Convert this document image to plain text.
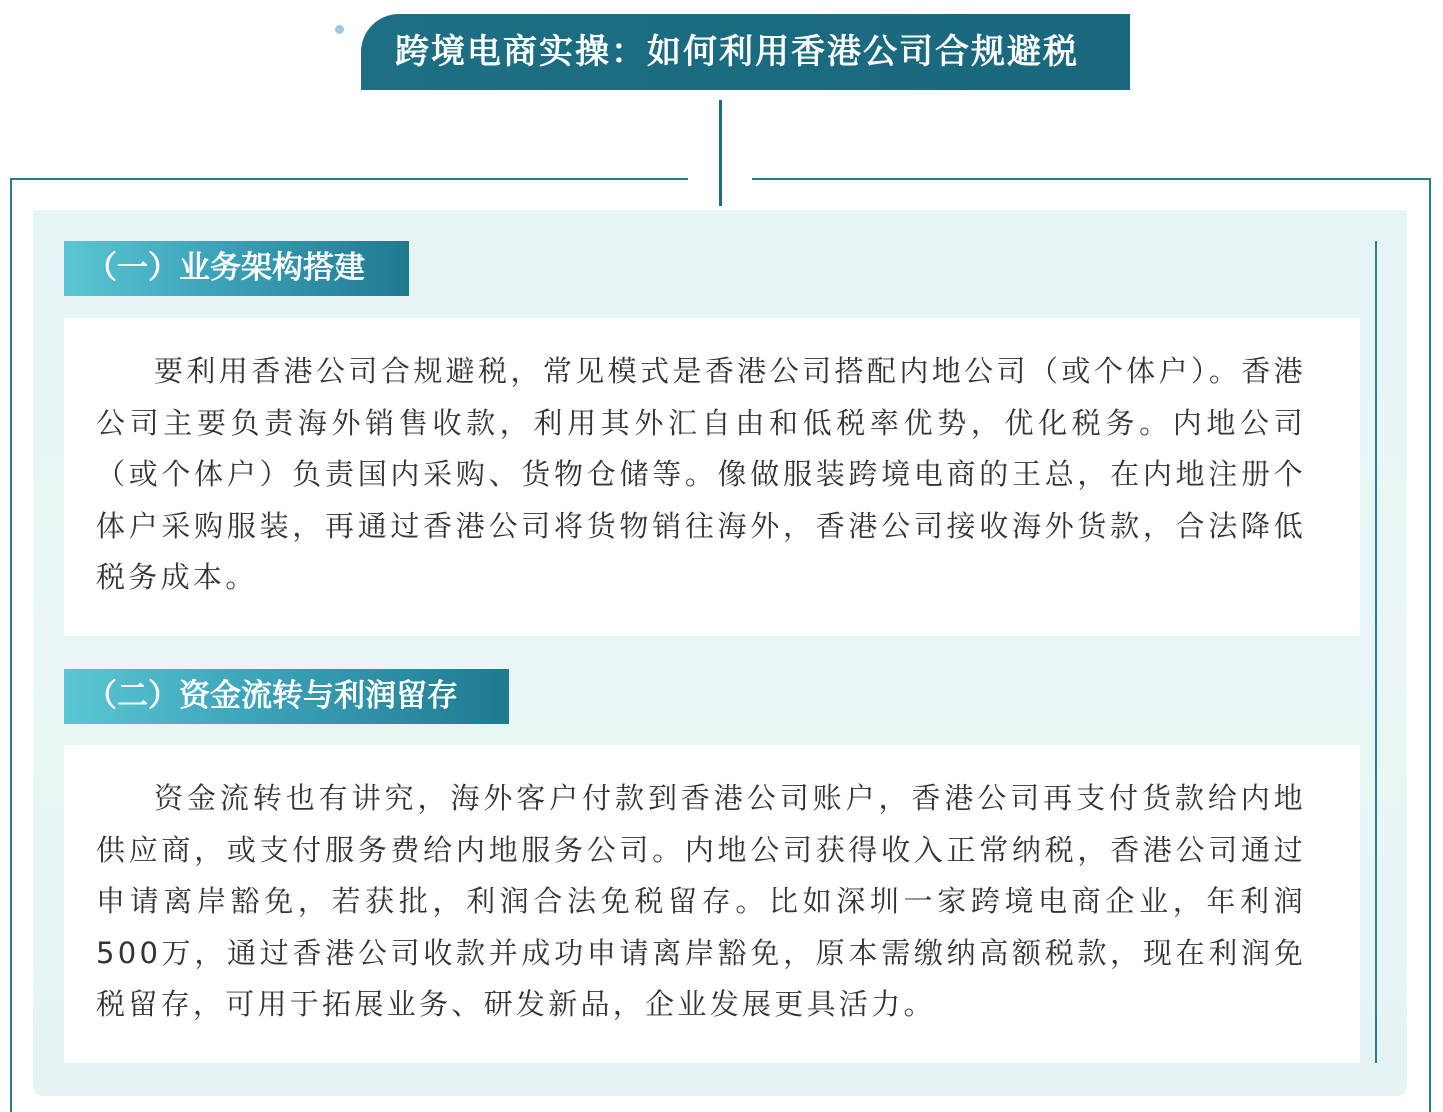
跨境电商实操：如何利用香港公司合规避税
（一）业务架构搭建

要利用香港公司合规避税，常见模式是香港公司搭配内地公司（或个体户）。香港公司主要负责海外销售收款，利用其外汇自由和低税率优势，优化税务。内地公司（或个体户）负责国内采购、货物仓储等。像做服装跨境电商的王总，在内地注册个体户采购服装，再通过香港公司将货物销往海外，香港公司接收海外货款，合法降低税务成本。

（二）资金流转与利润留存

资金流转也有讲究，海外客户付款到香港公司账户，香港公司再支付货款给内地供应商，或支付服务费给内地服务公司。内地公司获得收入正常纳税，香港公司通过申请离岸豁免，若获批，利润合法免税留存。比如深圳一家跨境电商企业，年利润500万，通过香港公司收款并成功申请离岸豁免，原本需缴纳高额税款，现在利润免税留存，可用于拓展业务、研发新品，企业发展更具活力。
